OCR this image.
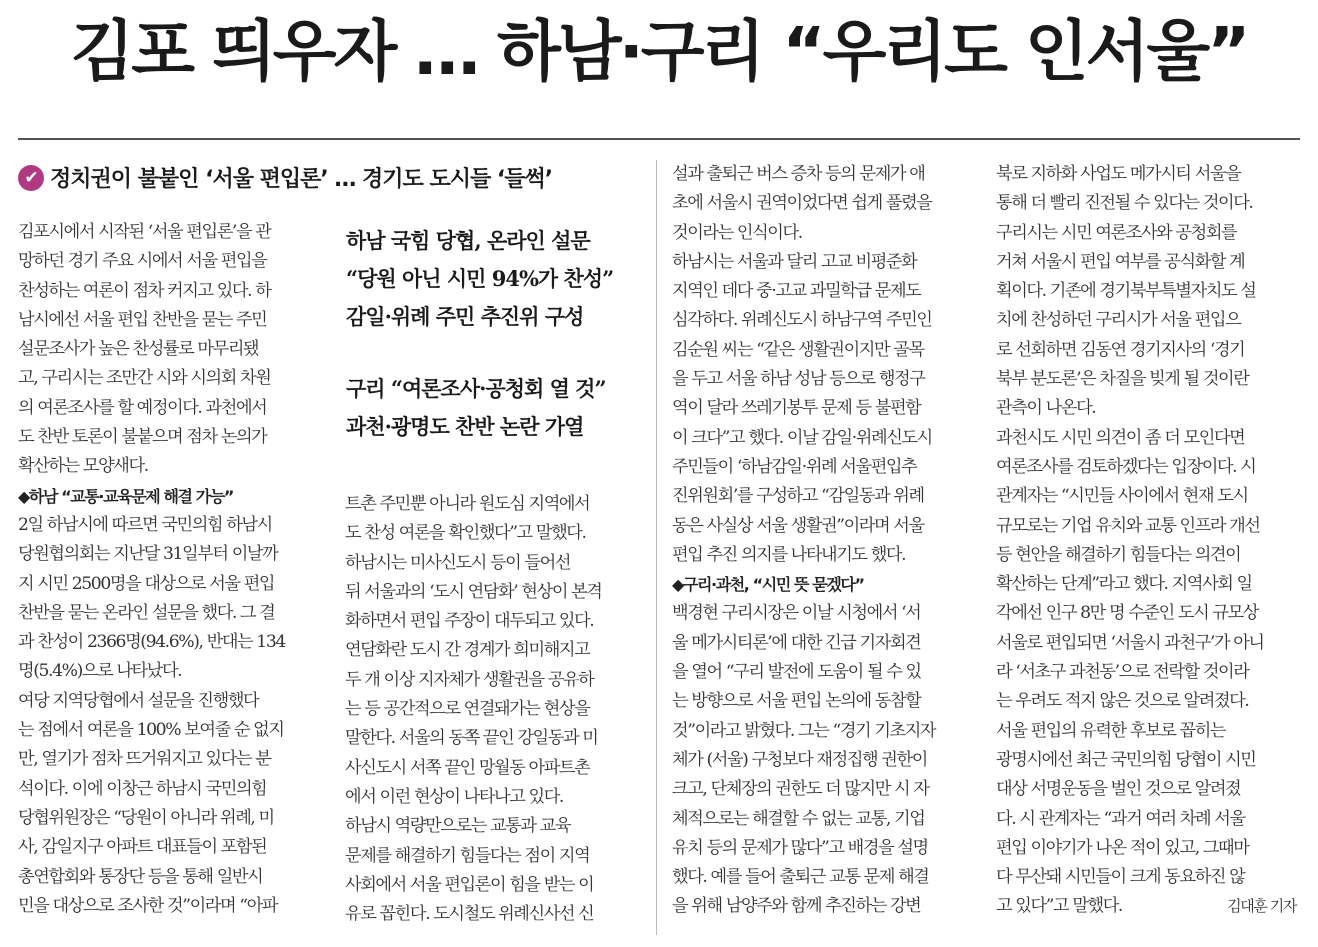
김포 띄우자 … 하남·구리 “우리도 인서울”
✔ 정치권이 불붙인 ‘서울 편입론’ … 경기도 도시들 ‘들썩’

하남 국힘 당협, 온라인 설문

“당원 아닌 시민 94%가 찬성”

감일·위례 주민 추진위 구성

구리 “여론조사·공청회 열 것”

과천·광명도 찬반 논란 가열

김포시에서 시작된 ‘서울 편입론’을 관

망하던 경기 주요 시에서 서울 편입을

찬성하는 여론이 점차 커지고 있다. 하

남시에선 서울 편입 찬반을 묻는 주민

설문조사가 높은 찬성률로 마무리됐

고, 구리시는 조만간 시와 시의회 차원

의 여론조사를 할 예정이다. 과천에서

도 찬반 토론이 불붙으며 점차 논의가

확산하는 모양새다.

◆하남 “교통·교육문제 해결 가능”

2일 하남시에 따르면 국민의힘 하남시

당원협의회는 지난달 31일부터 이날까

지 시민 2500명을 대상으로 서울 편입

찬반을 묻는 온라인 설문을 했다. 그 결

과 찬성이 2366명(94.6%), 반대는 134

명(5.4%)으로 나타났다.

여당 지역당협에서 설문을 진행했다

는 점에서 여론을 100% 보여줄 순 없지

만, 열기가 점차 뜨거워지고 있다는 분

석이다. 이에 이창근 하남시 국민의힘

당협위원장은 “당원이 아니라 위례, 미

사, 감일지구 아파트 대표들이 포함된

총연합회와 통장단 등을 통해 일반시

민을 대상으로 조사한 것”이라며 “아파

트촌 주민뿐 아니라 원도심 지역에서

도 찬성 여론을 확인했다”고 말했다.

하남시는 미사신도시 등이 들어선

뒤 서울과의 ‘도시 연담화’ 현상이 본격

화하면서 편입 주장이 대두되고 있다.

연담화란 도시 간 경계가 희미해지고

두 개 이상 지자체가 생활권을 공유하

는 등 공간적으로 연결돼가는 현상을

말한다. 서울의 동쪽 끝인 강일동과 미

사신도시 서쪽 끝인 망월동 아파트촌

에서 이런 현상이 나타나고 있다.

하남시 역량만으로는 교통과 교육

문제를 해결하기 힘들다는 점이 지역

사회에서 서울 편입론이 힘을 받는 이

유로 꼽힌다. 도시철도 위례신사선 신

설과 출퇴근 버스 증차 등의 문제가 애

초에 서울시 권역이었다면 쉽게 풀렸을

것이라는 인식이다.

하남시는 서울과 달리 고교 비평준화

지역인 데다 중·고교 과밀학급 문제도

심각하다. 위례신도시 하남구역 주민인

김순원 씨는 “같은 생활권이지만 골목

을 두고 서울 하남 성남 등으로 행정구

역이 달라 쓰레기봉투 문제 등 불편함

이 크다”고 했다. 이날 감일·위례신도시

주민들이 ‘하남감일·위례 서울편입추

진위원회’를 구성하고 “감일동과 위례

동은 사실상 서울 생활권”이라며 서울

편입 추진 의지를 나타내기도 했다.

◆구리·과천, “시민 뜻 묻겠다”

백경현 구리시장은 이날 시청에서 ‘서

울 메가시티론’에 대한 긴급 기자회견

을 열어 “구리 발전에 도움이 될 수 있

는 방향으로 서울 편입 논의에 동참할

것”이라고 밝혔다. 그는 “경기 기초지자

체가 (서울) 구청보다 재정집행 권한이

크고, 단체장의 권한도 더 많지만 시 자

체적으로는 해결할 수 없는 교통, 기업

유치 등의 문제가 많다”고 배경을 설명

했다. 예를 들어 출퇴근 교통 문제 해결

을 위해 남양주와 함께 추진하는 강변

북로 지하화 사업도 메가시티 서울을

통해 더 빨리 진전될 수 있다는 것이다.

구리시는 시민 여론조사와 공청회를

거쳐 서울시 편입 여부를 공식화할 계

획이다. 기존에 경기북부특별자치도 설

치에 찬성하던 구리시가 서울 편입으

로 선회하면 김동연 경기지사의 ‘경기

북부 분도론’은 차질을 빚게 될 것이란

관측이 나온다.

과천시도 시민 의견이 좀 더 모인다면

여론조사를 검토하겠다는 입장이다. 시

관계자는 “시민들 사이에서 현재 도시

규모로는 기업 유치와 교통 인프라 개선

등 현안을 해결하기 힘들다는 의견이

확산하는 단계”라고 했다. 지역사회 일

각에선 인구 8만 명 수준인 도시 규모상

서울로 편입되면 ‘서울시 과천구’가 아니

라 ‘서초구 과천동’으로 전락할 것이라

는 우려도 적지 않은 것으로 알려졌다.

서울 편입의 유력한 후보로 꼽히는

광명시에선 최근 국민의힘 당협이 시민

대상 서명운동을 벌인 것으로 알려졌

다. 시 관계자는 “과거 여러 차례 서울

편입 이야기가 나온 적이 있고, 그때마

다 무산돼 시민들이 크게 동요하진 않

고 있다”고 말했다.	김대훈 기자
